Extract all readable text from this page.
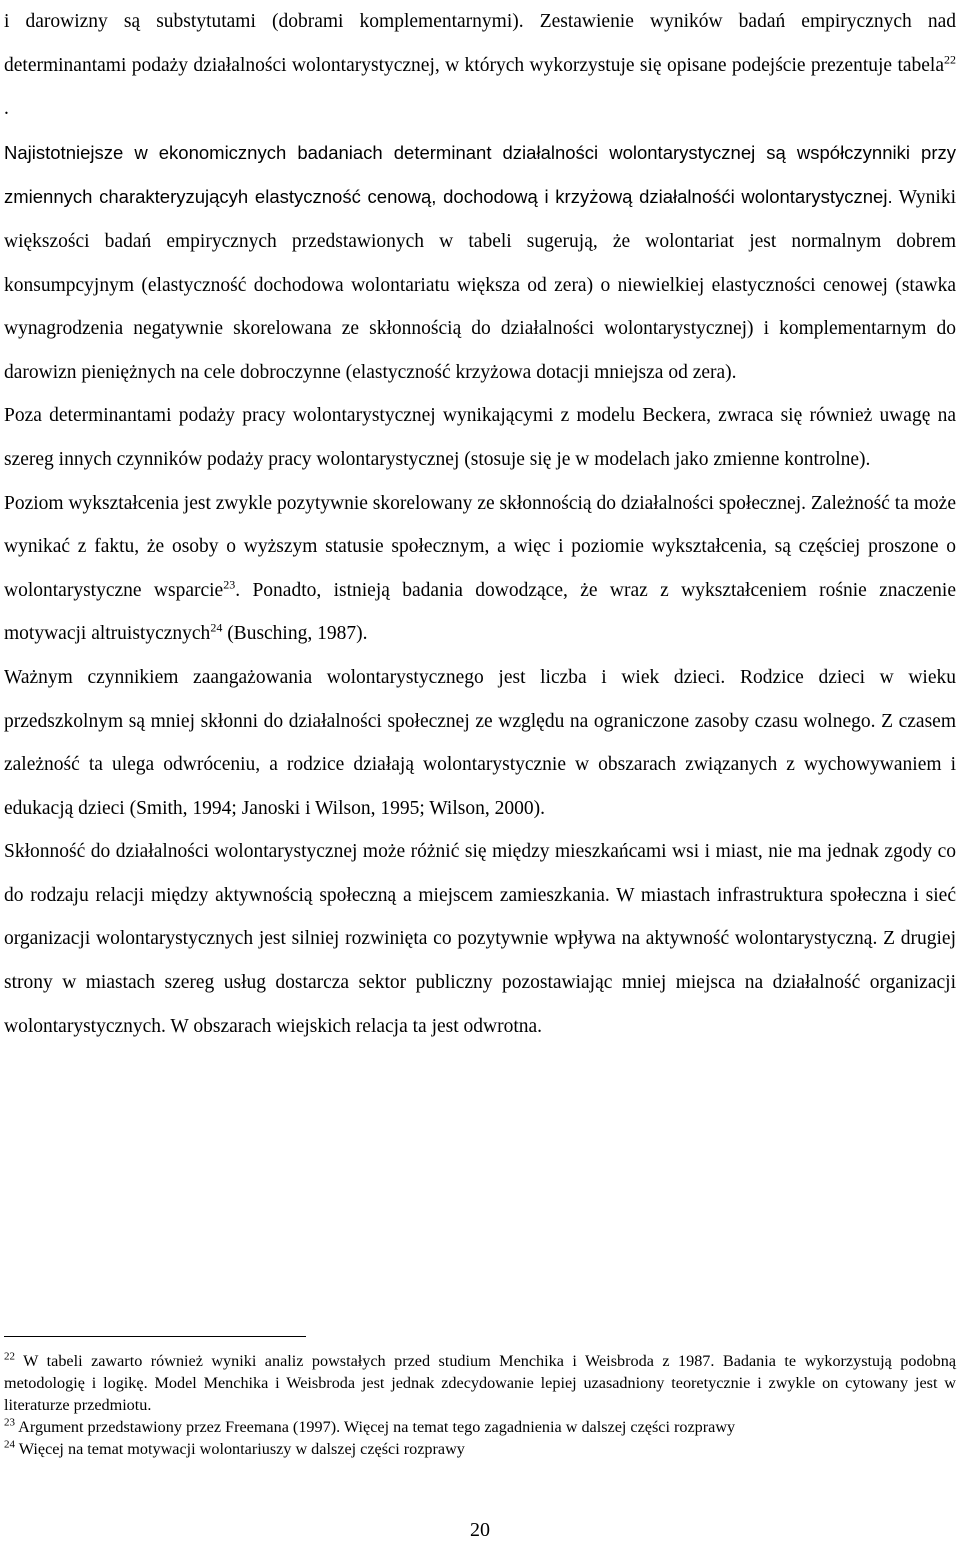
i darowizny są substytutami (dobrami komplementarnymi). Zestawienie wyników badań empirycznych nad determinantami podaży działalności wolontarystycznej, w których wykorzystuje się opisane podejście prezentuje tabela$^{22}$ .

Najistotniejsze w ekonomicznych badaniach determinant działalności wolontarystycznej są współczynniki przy zmiennych charakteryzującyh elastyczność cenową, dochodową i krzyżową działalnośći wolontarystycznej. Wyniki większości badań empirycznych przedstawionych w tabeli sugerują, że wolontariat jest normalnym dobrem konsumpcyjnym (elastyczność dochodowa wolontariatu większa od zera) o niewielkiej elastyczności cenowej (stawka wynagrodzenia negatywnie skorelowana ze skłonnością do działalności wolontarystycznej) i komplementarnym do darowizn pieniężnych na cele dobroczynne (elastyczność krzyżowa dotacji mniejsza od zera).

Poza determinantami podaży pracy wolontarystycznej wynikającymi z modelu Beckera, zwraca się również uwagę na szereg innych czynników podaży pracy wolontarystycznej (stosuje się je w modelach jako zmienne kontrolne).

Poziom wykształcenia jest zwykle pozytywnie skorelowany ze skłonnością do działalności społecznej. Zależność ta może wynikać z faktu, że osoby o wyższym statusie społecznym, a więc i poziomie wykształcenia, są częściej proszone o wolontarystyczne wsparcie$^{23}$. Ponadto, istnieją badania dowodzące, że wraz z wykształceniem rośnie znaczenie motywacji altruistycznych$^{24}$ (Busching, 1987).

Ważnym czynnikiem zaangażowania wolontarystycznego jest liczba i wiek dzieci. Rodzice dzieci w wieku przedszkolnym są mniej skłonni do działalności społecznej ze względu na ograniczone zasoby czasu wolnego. Z czasem zależność ta ulega odwróceniu, a rodzice działają wolontarystycznie w obszarach związanych z wychowywaniem i edukacją dzieci (Smith, 1994; Janoski i Wilson, 1995; Wilson, 2000).

Skłonność do działalności wolontarystycznej może różnić się między mieszkańcami wsi i miast, nie ma jednak zgody co do rodzaju relacji między aktywnością społeczną a miejscem zamieszkania. W miastach infrastruktura społeczna i sieć organizacji wolontarystycznych jest silniej rozwinięta co pozytywnie wpływa na aktywność wolontarystyczną. Z drugiej strony w miastach szereg usług dostarcza sektor publiczny pozostawiając mniej miejsca na działalność organizacji wolontarystycznych. W obszarach wiejskich relacja ta jest odwrotna.

$^{22}$ W tabeli zawarto również wyniki analiz powstałych przed studium Menchika i Weisbroda z 1987. Badania te wykorzystują podobną metodologię i logikę. Model Menchika i Weisbroda jest jednak zdecydowanie lepiej uzasadniony teoretycznie i zwykle on cytowany jest w literaturze przedmiotu.

$^{23}$ Argument przedstawiony przez Freemana (1997). Więcej na temat tego zagadnienia w dalszej części rozprawy

$^{24}$ Więcej na temat motywacji wolontariuszy w dalszej części rozprawy

20
